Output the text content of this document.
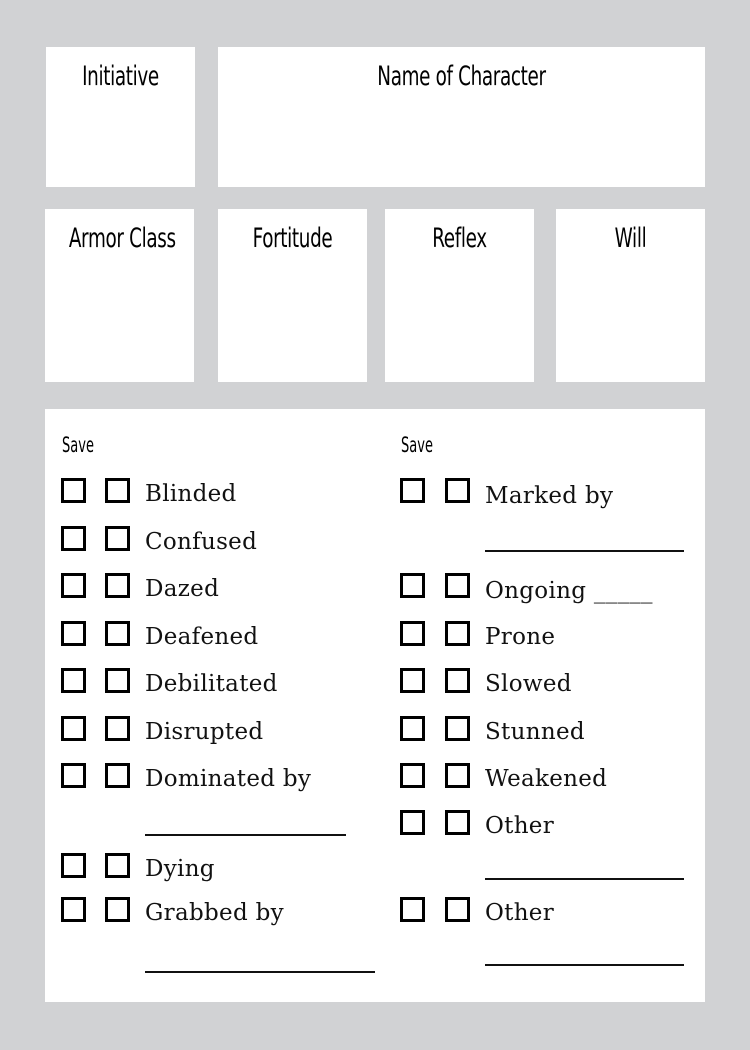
Initiative	Name of Character
Armor Class	Fortitude	Reflex	Will
Save	Save
Blinded
Confused
Dazed
Deafened
Debilitated
Disrupted
Dominated by
Dying
Grabbed by
Marked by
Ongoing _____
Prone
Slowed
Stunned
Weakened
Other
Other
